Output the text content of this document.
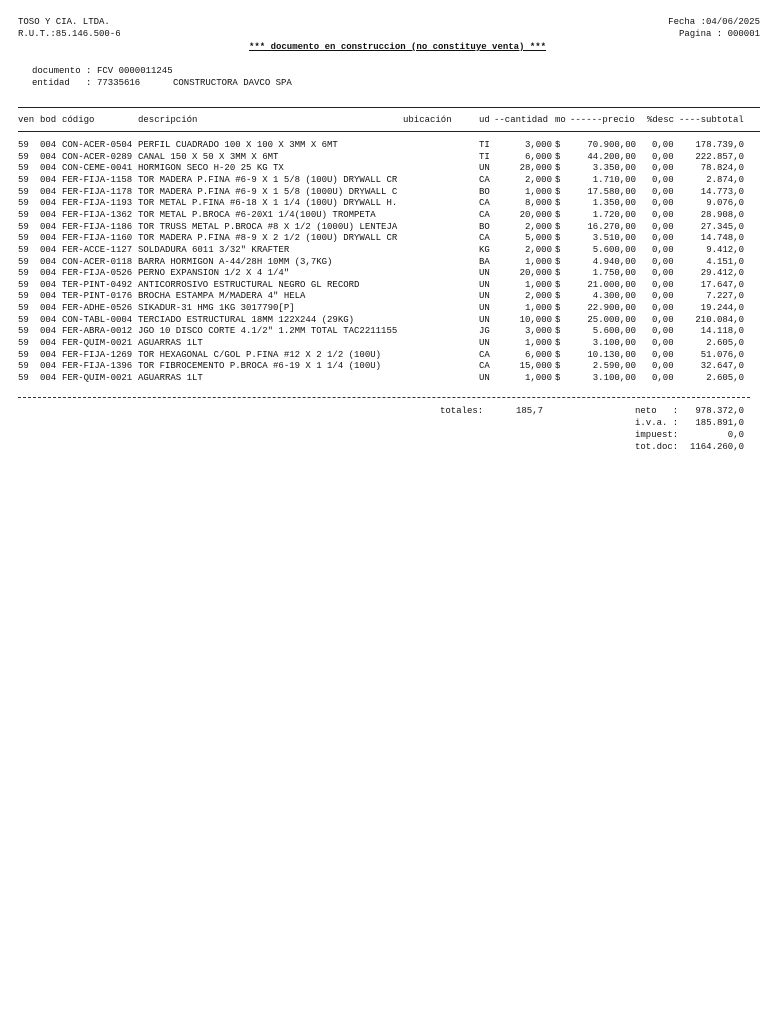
TOSO Y CIA. LTDA.
R.U.T.:85.146.500-6
Fecha :04/06/2025
Pagina : 000001
*** documento en construccion (no constituye venta) ***
documento : FCV 0000011245
entidad   : 77335616	CONSTRUCTORA DAVCO SPA
ven bod código	descripción	ubicación	ud --cantidad mo ------precio %desc ----subtotal
59 004 CON-ACER-0504 PERFIL CUADRADO 100 X 100 X 3MM X 6MT	TI	3,000 $	70.900,00 0,00 178.739,0
59 004 CON-ACER-0289 CANAL 150 X 50 X 3MM X 6MT	TI	6,000 $	44.200,00 0,00 222.857,0
59 004 CON-CEME-0041 HORMIGON SECO H-20 25 KG TX	UN	28,000 $	3.350,00 0,00	78.824,0
59 004 FER-FIJA-1158 TOR MADERA P.FINA #6-9 X 1 5/8 (100U) DRYWALL CR	CA	2,000 $	1.710,00 0,00	2.874,0
59 004 FER-FIJA-1178 TOR MADERA P.FINA #6-9 X 1 5/8 (1000U) DRYWALL C	BO	1,000 $	17.580,00 0,00	14.773,0
59 004 FER-FIJA-1193 TOR METAL P.FINA #6-18 X 1 1/4 (100U) DRYWALL H.	CA	8,000 $	1.350,00 0,00	9.076,0
59 004 FER-FIJA-1362 TOR METAL P.BROCA #6-20X1 1/4(100U) TROMPETA	CA	20,000 $	1.720,00 0,00	28.908,0
59 004 FER-FIJA-1186 TOR TRUSS METAL P.BROCA #8 X 1/2 (1000U) LENTEJA	BO	2,000 $	16.270,00 0,00	27.345,0
59 004 FER-FIJA-1160 TOR MADERA P.FINA #8-9 X 2 1/2 (100U) DRYWALL CR	CA	5,000 $	3.510,00 0,00	14.748,0
59 004 FER-ACCE-1127 SOLDADURA 6011 3/32" KRAFTER	KG	2,000 $	5.600,00 0,00	9.412,0
59 004 CON-ACER-0118 BARRA HORMIGON A-44/28H 10MM (3,7KG)	BA	1,000 $	4.940,00 0,00	4.151,0
59 004 FER-FIJA-0526 PERNO EXPANSION 1/2 X 4 1/4"	UN	20,000 $	1.750,00 0,00	29.412,0
59 004 TER-PINT-0492 ANTICORROSIVO ESTRUCTURAL NEGRO GL RECORD	UN	1,000 $	21.000,00 0,00	17.647,0
59 004 TER-PINT-0176 BROCHA ESTAMPA M/MADERA 4" HELA	UN	2,000 $	4.300,00 0,00	7.227,0
59 004 FER-ADHE-0526 SIKADUR-31 HMG 1KG 3017790[P]	UN	1,000 $	22.900,00 0,00	19.244,0
59 004 CON-TABL-0004 TERCIADO ESTRUCTURAL 18MM 122X244 (29KG)	UN	10,000 $	25.000,00 0,00 210.084,0
59 004 FER-ABRA-0012 JGO 10 DISCO CORTE 4.1/2" 1.2MM TOTAL TAC2211155	JG	3,000 $	5.600,00 0,00	14.118,0
59 004 FER-QUIM-0021 AGUARRAS 1LT	UN	1,000 $	3.100,00 0,00	2.605,0
59 004 FER-FIJA-1269 TOR HEXAGONAL C/GOL P.FINA #12 X 2 1/2 (100U)	CA	6,000 $	10.130,00 0,00	51.076,0
59 004 FER-FIJA-1396 TOR FIBROCEMENTO P.BROCA #6-19 X 1 1/4 (100U)	CA	15,000 $	2.590,00 0,00	32.647,0
59 004 FER-QUIM-0021 AGUARRAS 1LT	UN	1,000 $	3.100,00 0,00	2.605,0
totales:	185,7	neto   : 978.372,0
i.v.a. : 185.891,0
impuest:	0,0
tot.doc: 1164.260,0
